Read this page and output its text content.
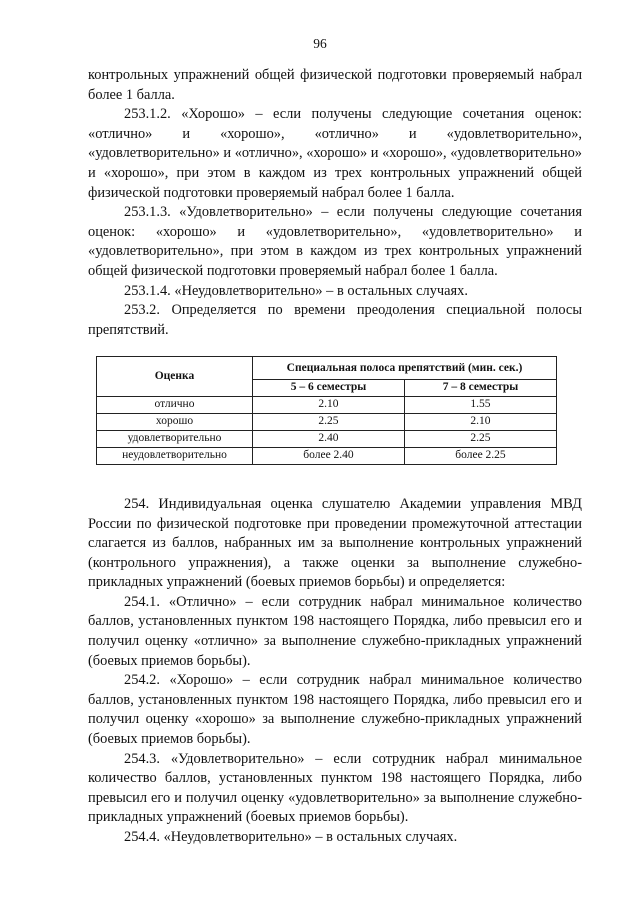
96

контрольных упражнений общей физической подготовки проверяемый набрал более 1 балла.

253.1.2. «Хорошо» – если получены следующие сочетания оценок: «отлично» и «хорошо», «отлично» и «удовлетворительно», «удовлетворительно» и «отлично», «хорошо» и «хорошо», «удовлетворительно» и «хорошо», при этом в каждом из трех контрольных упражнений общей физической подготовки проверяемый набрал более 1 балла.

253.1.3. «Удовлетворительно» – если получены следующие сочетания оценок: «хорошо» и «удовлетворительно», «удовлетворительно» и «удовлетворительно», при этом в каждом из трех контрольных упражнений общей физической подготовки проверяемый набрал более 1 балла.

253.1.4. «Неудовлетворительно» – в остальных случаях.

253.2. Определяется по времени преодоления специальной полосы препятствий.

Оценка	Специальная полоса препятствий (мин. сек.)	
	5 – 6 семестры	7 – 8 семестры
отлично	2.10	1.55
хорошо	2.25	2.10
удовлетворительно	2.40	2.25
неудовлетворительно	более 2.40	более 2.25

254. Индивидуальная оценка слушателю Академии управления МВД России по физической подготовке при проведении промежуточной аттестации слагается из баллов, набранных им за выполнение контрольных упражнений (контрольного упражнения), а также оценки за выполнение служебно-прикладных упражнений (боевых приемов борьбы) и определяется:

254.1. «Отлично» – если сотрудник набрал минимальное количество баллов, установленных пунктом 198 настоящего Порядка, либо превысил его и получил оценку «отлично» за выполнение служебно-прикладных упражнений (боевых приемов борьбы).

254.2. «Хорошо» – если сотрудник набрал минимальное количество баллов, установленных пунктом 198 настоящего Порядка, либо превысил его и получил оценку «хорошо» за выполнение служебно-прикладных упражнений (боевых приемов борьбы).

254.3. «Удовлетворительно» – если сотрудник набрал минимальное количество баллов, установленных пунктом 198 настоящего Порядка, либо превысил его и получил оценку «удовлетворительно» за выполнение служебно-прикладных упражнений (боевых приемов борьбы).

254.4. «Неудовлетворительно» – в остальных случаях.
